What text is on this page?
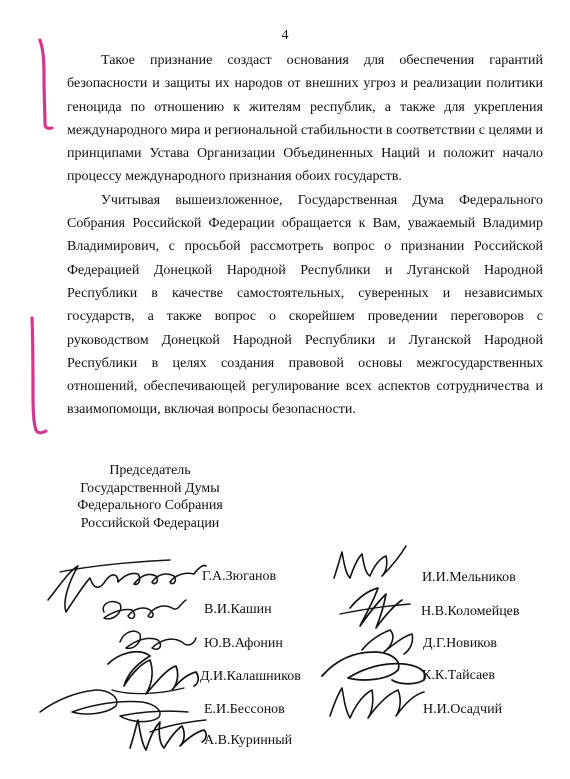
4

Такое признание создаст основания для обеспечения гарантий безопасности и защиты их народов от внешних угроз и реализации политики геноцида по отношению к жителям республик, а также для укрепления международного мира и региональной стабильности в соответствии с целями и принципами Устава Организации Объединенных Наций и положит начало процессу международного признания обоих государств.

Учитывая вышеизложенное, Государственная Дума Федерального Собрания Российской Федерации обращается к Вам, уважаемый Владимир Владимирович, с просьбой рассмотреть вопрос о признании Российской Федерацией Донецкой Народной Республики и Луганской Народной Республики в качестве самостоятельных, суверенных и независимых государств, а также вопрос о скорейшем проведении переговоров с руководством Донецкой Народной Республики и Луганской Народной Республики в целях создания правовой основы межгосударственных отношений, обеспечивающей регулирование всех аспектов сотрудничества и взаимопомощи, включая вопросы безопасности.

Председатель
Государственной Думы
Федерального Собрания
Российской Федерации
Г.А.Зюганов
В.И.Кашин
Ю.В.Афонин
Д.И.Калашников
Е.И.Бессонов
А.В.Куринный
И.И.Мельников
Н.В.Коломейцев
Д.Г.Новиков
К.К.Тайсаев
Н.И.Осадчий
